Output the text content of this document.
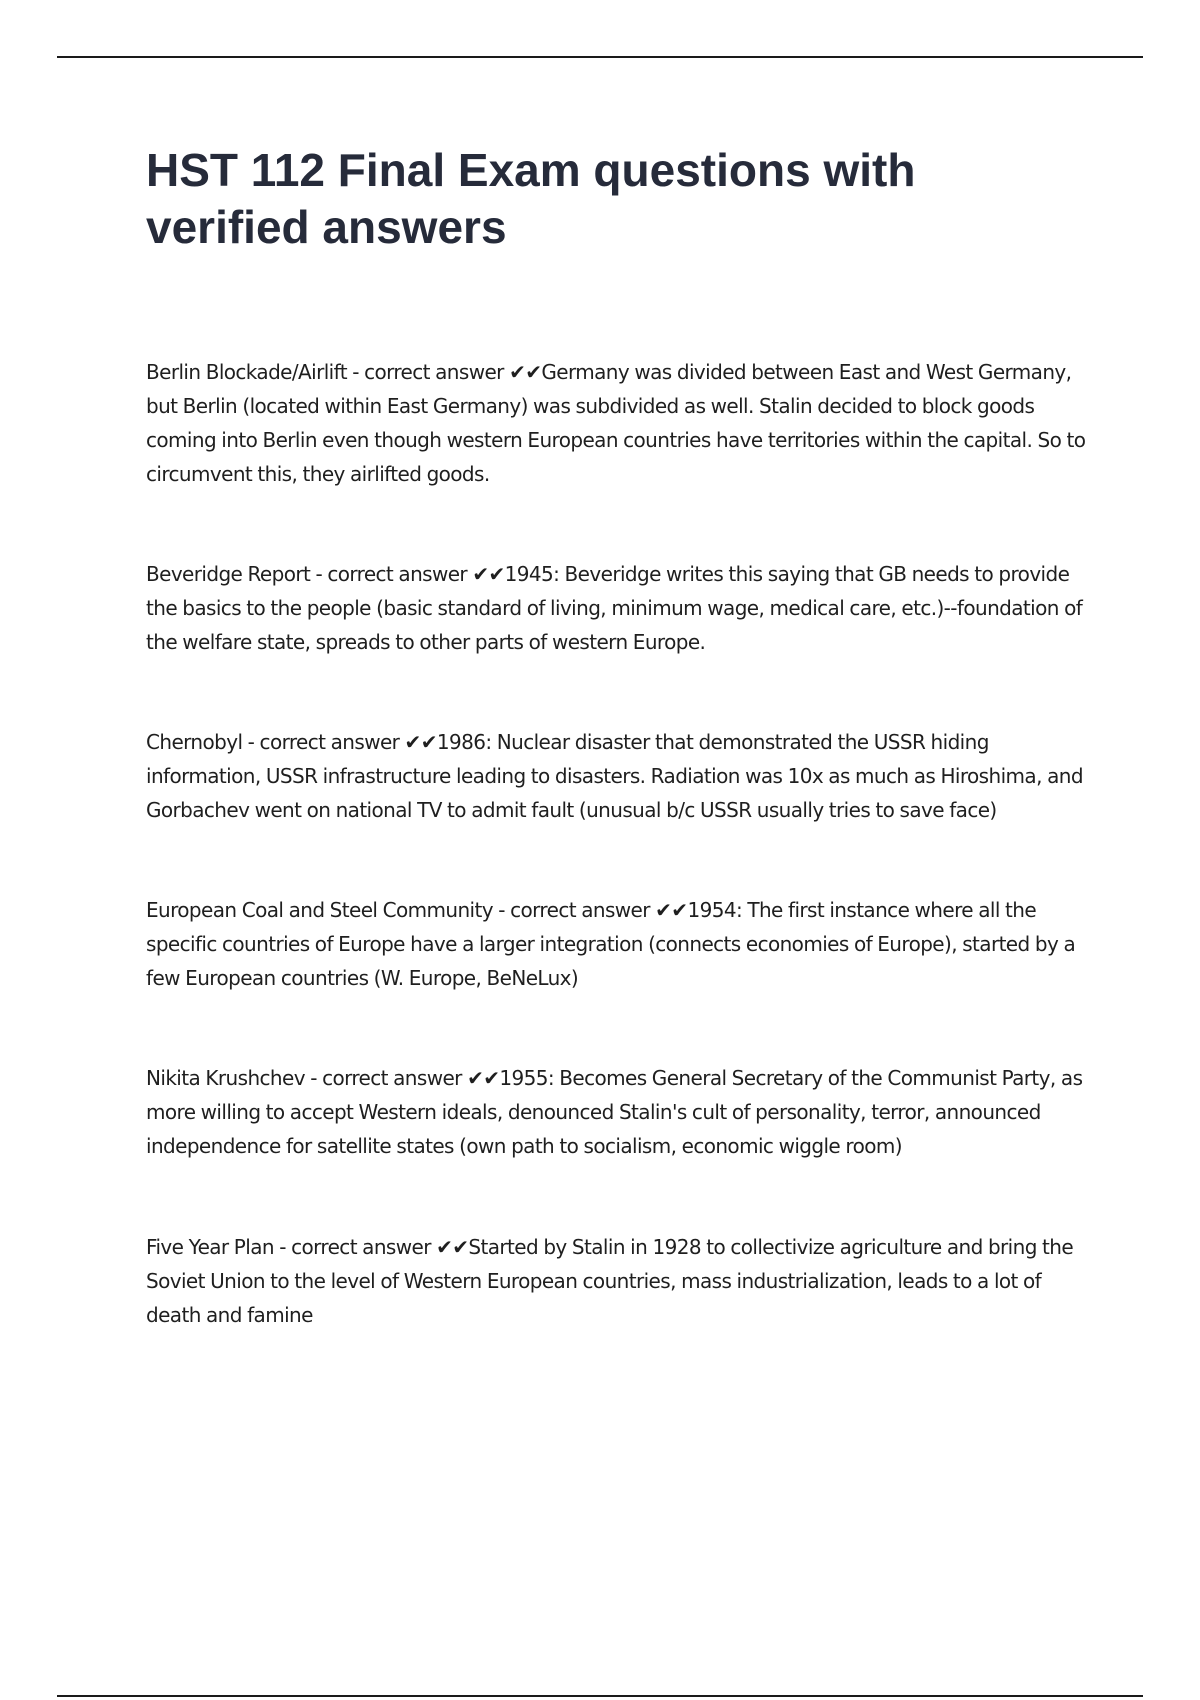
HST 112 Final Exam questions with verified answers

Berlin Blockade/Airlift - correct answer ✔✔Germany was divided between East and West Germany, but Berlin (located within East Germany) was subdivided as well. Stalin decided to block goods coming into Berlin even though western European countries have territories within the capital. So to circumvent this, they airlifted goods.

Beveridge Report - correct answer ✔✔1945: Beveridge writes this saying that GB needs to provide the basics to the people (basic standard of living, minimum wage, medical care, etc.)--foundation of the welfare state, spreads to other parts of western Europe.

Chernobyl - correct answer ✔✔1986: Nuclear disaster that demonstrated the USSR hiding information, USSR infrastructure leading to disasters. Radiation was 10x as much as Hiroshima, and Gorbachev went on national TV to admit fault (unusual b/c USSR usually tries to save face)

European Coal and Steel Community - correct answer ✔✔1954: The first instance where all the specific countries of Europe have a larger integration (connects economies of Europe), started by a few European countries (W. Europe, BeNeLux)

Nikita Krushchev - correct answer ✔✔1955: Becomes General Secretary of the Communist Party, as more willing to accept Western ideals, denounced Stalin's cult of personality, terror, announced independence for satellite states (own path to socialism, economic wiggle room)

Five Year Plan - correct answer ✔✔Started by Stalin in 1928 to collectivize agriculture and bring the Soviet Union to the level of Western European countries, mass industrialization, leads to a lot of death and famine
